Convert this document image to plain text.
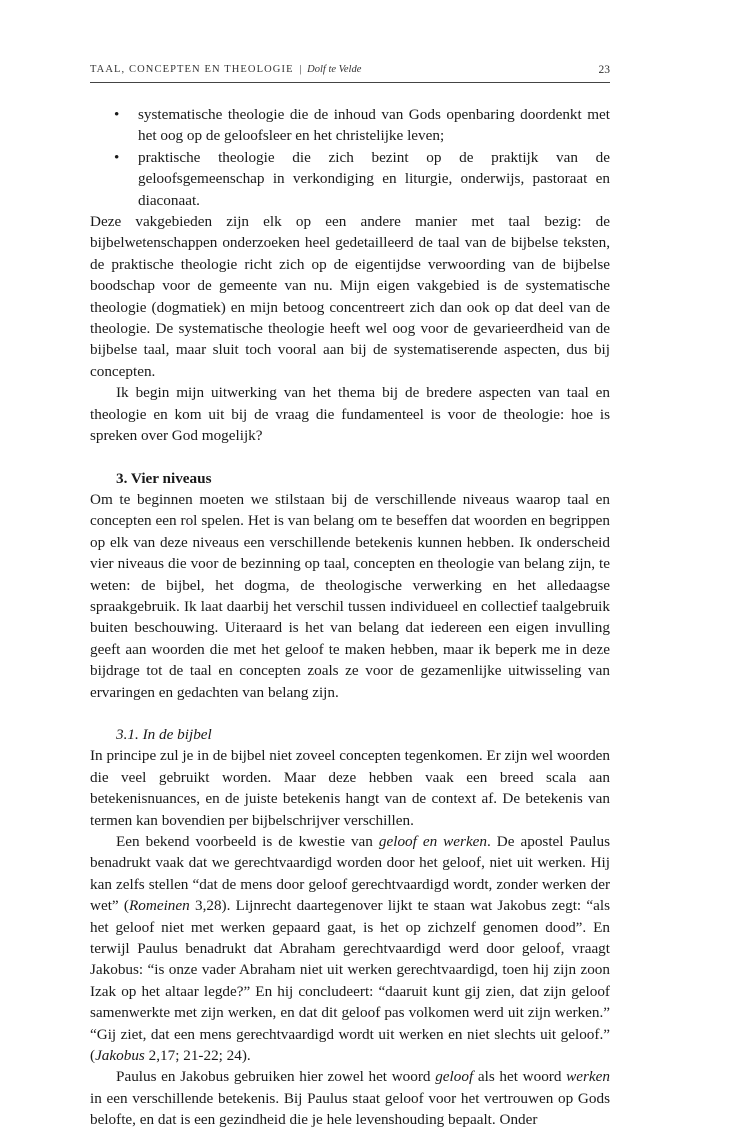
TAAL, CONCEPTEN EN THEOLOGIE | Dolf te Velde	23
• systematische theologie die de inhoud van Gods openbaring doordenkt met het oog op de geloofsleer en het christelijke leven;
• praktische theologie die zich bezint op de praktijk van de geloofsgemeenschap in verkondiging en liturgie, onderwijs, pastoraat en diaconaat.

Deze vakgebieden zijn elk op een andere manier met taal bezig: de bijbelwetenschappen onderzoeken heel gedetailleerd de taal van de bijbelse teksten, de praktische theologie richt zich op de eigentijdse verwoording van de bijbelse boodschap voor de gemeente van nu. Mijn eigen vakgebied is de systematische theologie (dogmatiek) en mijn betoog concentreert zich dan ook op dat deel van de theologie. De systematische theologie heeft wel oog voor de gevarieerdheid van de bijbelse taal, maar sluit toch vooral aan bij de systematiserende aspecten, dus bij concepten.

Ik begin mijn uitwerking van het thema bij de bredere aspecten van taal en theologie en kom uit bij de vraag die fundamenteel is voor de theologie: hoe is spreken over God mogelijk?

3. Vier niveaus

Om te beginnen moeten we stilstaan bij de verschillende niveaus waarop taal en concepten een rol spelen. Het is van belang om te beseffen dat woorden en begrippen op elk van deze niveaus een verschillende betekenis kunnen hebben. Ik onderscheid vier niveaus die voor de bezinning op taal, concepten en theologie van belang zijn, te weten: de bijbel, het dogma, de theologische verwerking en het alledaagse spraakgebruik. Ik laat daarbij het verschil tussen individueel en collectief taalgebruik buiten beschouwing. Uiteraard is het van belang dat iedereen een eigen invulling geeft aan woorden die met het geloof te maken hebben, maar ik beperk me in deze bijdrage tot de taal en concepten zoals ze voor de gezamenlijke uitwisseling van ervaringen en gedachten van belang zijn.

3.1. In de bijbel

In principe zul je in de bijbel niet zoveel concepten tegenkomen. Er zijn wel woorden die veel gebruikt worden. Maar deze hebben vaak een breed scala aan betekenisnuances, en de juiste betekenis hangt van de context af. De betekenis van termen kan bovendien per bijbelschrijver verschillen.

Een bekend voorbeeld is de kwestie van geloof en werken. De apostel Paulus benadrukt vaak dat we gerechtvaardigd worden door het geloof, niet uit werken. Hij kan zelfs stellen “dat de mens door geloof gerechtvaardigd wordt, zonder werken der wet” (Romeinen 3,28). Lijnrecht daartegenover lijkt te staan wat Jakobus zegt: “als het geloof niet met werken gepaard gaat, is het op zichzelf genomen dood”. En terwijl Paulus benadrukt dat Abraham gerechtvaardigd werd door geloof, vraagt Jakobus: “is onze vader Abraham niet uit werken gerechtvaardigd, toen hij zijn zoon Izak op het altaar legde?” En hij concludeert: “daaruit kunt gij zien, dat zijn geloof samenwerkte met zijn werken, en dat dit geloof pas volkomen werd uit zijn werken.” “Gij ziet, dat een mens gerechtvaardigd wordt uit werken en niet slechts uit geloof.” (Jakobus 2,17; 21-22; 24).

Paulus en Jakobus gebruiken hier zowel het woord geloof als het woord werken in een verschillende betekenis. Bij Paulus staat geloof voor het vertrouwen op Gods belofte, en dat is een gezindheid die je hele levenshouding bepaalt. Onder
